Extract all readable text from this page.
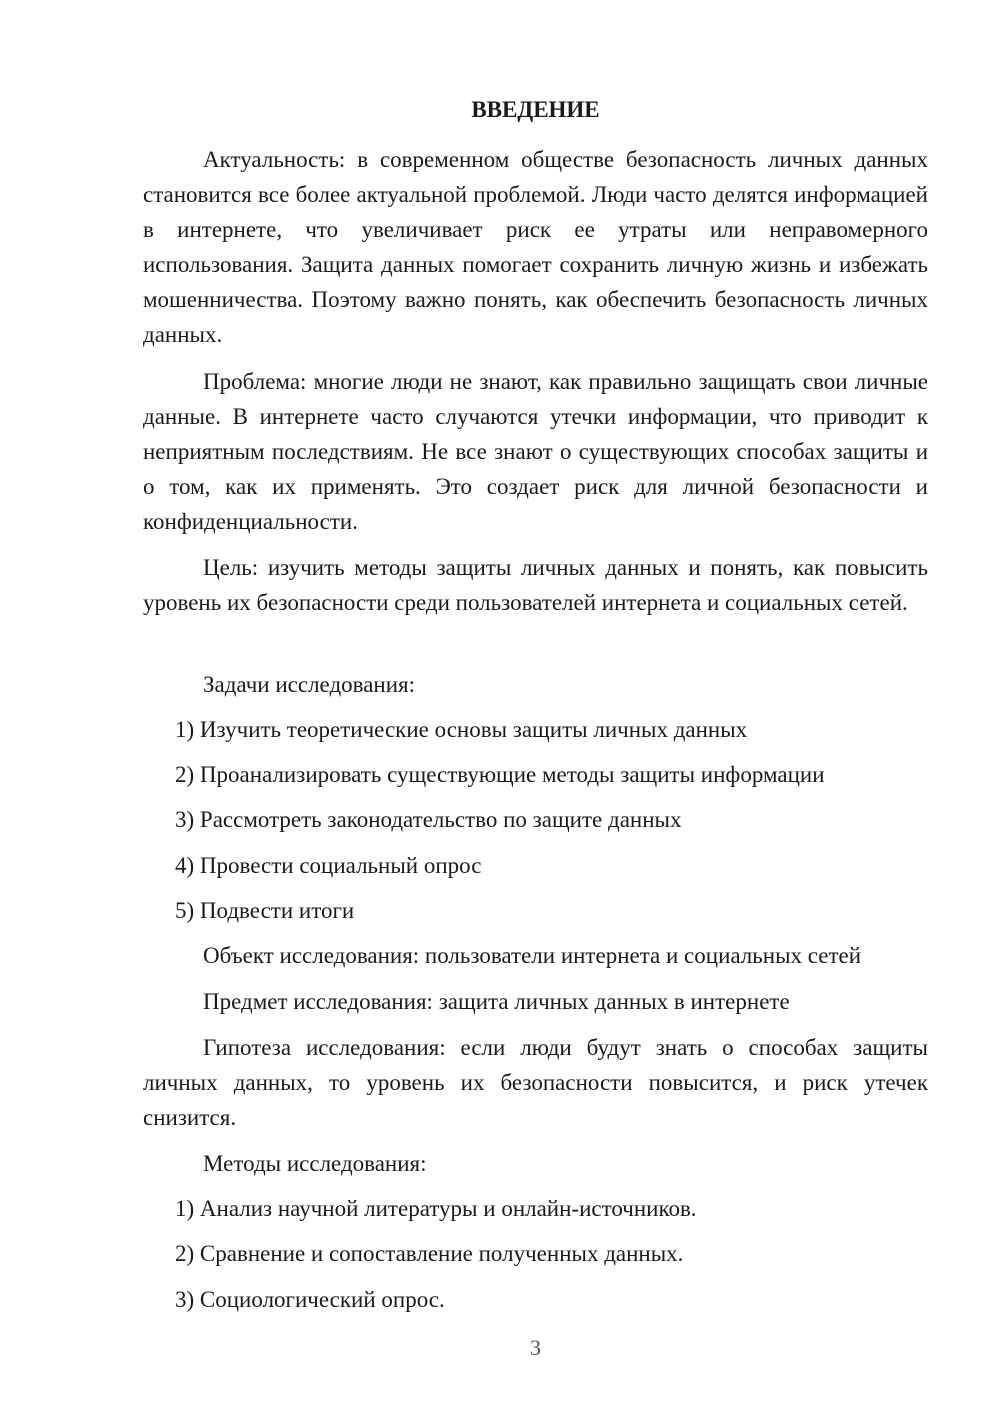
ВВЕДЕНИЕ

Актуальность: в современном обществе безопасность личных данных становится все более актуальной проблемой. Люди часто делятся информацией в интернете, что увеличивает риск ее утраты или неправомерного использования. Защита данных помогает сохранить личную жизнь и избежать мошенничества. Поэтому важно понять, как обеспечить безопасность личных данных.

Проблема: многие люди не знают, как правильно защищать свои личные данные. В интернете часто случаются утечки информации, что приводит к неприятным последствиям. Не все знают о существующих способах защиты и о том, как их применять. Это создает риск для личной безопасности и конфиденциальности.

Цель: изучить методы защиты личных данных и понять, как повысить уровень их безопасности среди пользователей интернета и социальных сетей.

Задачи исследования:
1) Изучить теоретические основы защиты личных данных
2) Проанализировать существующие методы защиты информации
3) Рассмотреть законодательство по защите данных
4) Провести социальный опрос
5) Подвести итоги
Объект исследования: пользователи интернета и социальных сетей
Предмет исследования: защита личных данных в интернете

Гипотеза исследования: если люди будут знать о способах защиты личных данных, то уровень их безопасности повысится, и риск утечек снизится.

Методы исследования:
1) Анализ научной литературы и онлайн-источников.
2) Сравнение и сопоставление полученных данных.
3) Социологический опрос.
3
